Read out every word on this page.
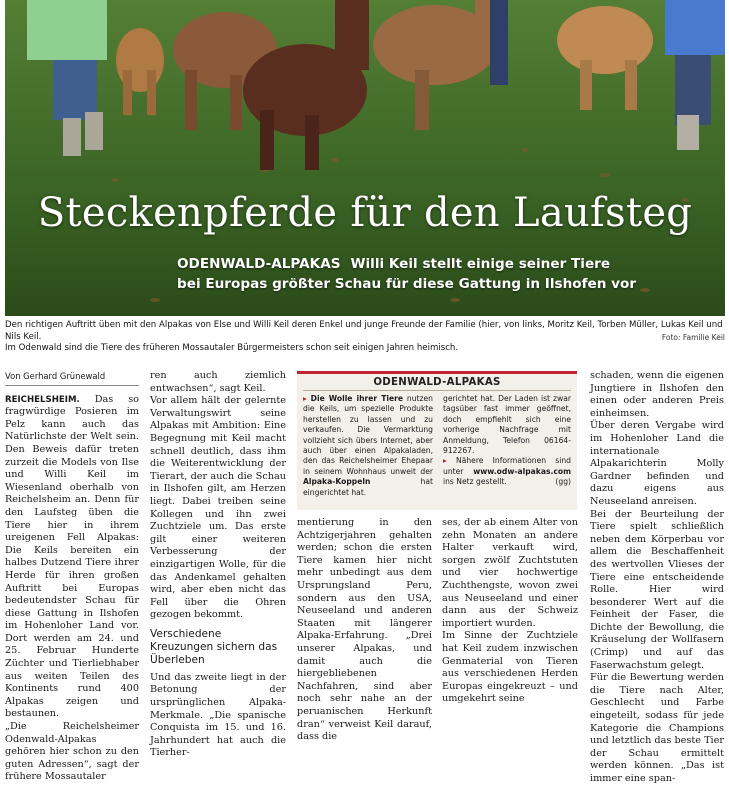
Steckenpferde für den Laufsteg
ODENWALD-ALPAKAS Willi Keil stellt einige seiner Tiere
bei Europas größter Schau für diese Gattung in Ilshofen vor
Den richtigen Auftritt üben mit den Alpakas von Else und Willi Keil deren Enkel und junge Freunde der Familie (hier, von links, Moritz Keil, Torben Müller, Lukas Keil und Nils Keil.
Im Odenwald sind die Tiere des früheren Mossautaler Bürgermeisters schon seit einigen Jahren heimisch.
Foto: Familie Keil
Von Gerhard Grünewald

REICHELSHEIM. Das so fragwürdige Posieren im Pelz kann auch das Natürlichste der Welt sein. Den Beweis dafür treten zurzeit die Models von Ilse und Willi Keil im Wiesenland oberhalb von Reichelsheim an. Denn für den Laufsteg üben die Tiere hier in ihrem ureigenen Fell Alpakas: Die Keils bereiten ein halbes Dutzend Tiere ihrer Herde für ihren großen Auftritt bei Europas bedeutendster Schau für diese Gattung in Ilshofen im Hohenloher Land vor. Dort werden am 24. und 25. Februar Hunderte Züchter und Tierliebhaber aus weiten Teilen des Kontinents rund 400 Alpakas zeigen und bestaunen.

„Die Reichelsheimer Odenwald-Alpakas gehören hier schon zu den guten Adressen“, sagt der frühere Mossautaler

ren auch ziemlich entwachsen“, sagt Keil.

Vor allem hält der gelernte Verwaltungswirt seine Alpakas mit Ambition: Eine Begegnung mit Keil macht schnell deutlich, dass ihm die Weiterentwicklung der Tierart, der auch die Schau in Ilshofen gilt, am Herzen liegt. Dabei treiben seine Kollegen und ihn zwei Zuchtziele um. Das erste gilt einer weiteren Verbesserung der einzigartigen Wolle, für die das Andenkamel gehalten wird, aber eben nicht das Fell über die Ohren gezogen bekommt.

Verschiedene Kreuzungen sichern das Überleben

Und das zweite liegt in der Betonung der ursprünglichen Alpaka-Merkmale. „Die spanische Conquista im 15. und 16. Jahrhundert hat auch die Tierher-

ODENWALD-ALPAKAS
▸ Die Wolle ihrer Tiere nutzen die Keils, um spezielle Produkte herstellen zu lassen und zu verkaufen. Die Vermarktung vollzieht sich übers Internet, aber auch über einen Alpakaladen, den das Reichelsheimer Ehepaar in seinem Wohnhaus unweit der Alpaka-Koppeln hat eingerichtet hat.
gerichtet hat. Der Laden ist zwar tagsüber fast immer geöffnet, doch empfiehlt sich eine vorherige Nachfrage mit Anmeldung, Telefon 06164-912267.
▸ Nähere Informationen sind unter www.odw-alpakas.com ins Netz gestellt.	(gg)

mentierung in den Achtzigerjahren gehalten werden; schon die ersten Tiere kamen hier nicht mehr unbedingt aus dem Ursprungsland Peru, sondern aus den USA, Neuseeland und anderen Staaten mit längerer Alpaka-Erfahrung. „Drei unserer Alpakas, und damit auch die hiergebliebenen Nachfahren, sind aber noch sehr nahe an der peruanischen Herkunft dran“ verweist Keil darauf, dass die

ses, der ab einem Alter von zehn Monaten an andere Halter verkauft wird, sorgen zwölf Zuchtstuten und vier hochwertige Zuchthengste, wovon zwei aus Neuseeland und einer dann aus der Schweiz importiert wurden.

Im Sinne der Zuchtziele hat Keil zudem inzwischen Genmaterial von Tieren aus verschiedenen Herden Europas eingekreuzt – und umgekehrt seine

schaden, wenn die eigenen Jungtiere in Ilshofen den einen oder anderen Preis einheimsen.

Über deren Vergabe wird im Hohenloher Land die internationale Alpakarichterin Molly Gardner befinden und dazu eigens aus Neuseeland anreisen.

Bei der Beurteilung der Tiere spielt schließlich neben dem Körperbau vor allem die Beschaffenheit des wertvollen Vlieses der Tiere eine entscheidende Rolle. Hier wird besonderer Wert auf die Feinheit der Faser, die Dichte der Bewollung, die Kräuselung der Wollfasern (Crimp) und auf das Faserwachstum gelegt.

Für die Bewertung werden die Tiere nach Alter, Geschlecht und Farbe eingeteilt, sodass für jede Kategorie die Champions und letztlich das beste Tier der Schau ermittelt werden können. „Das ist immer eine span-
